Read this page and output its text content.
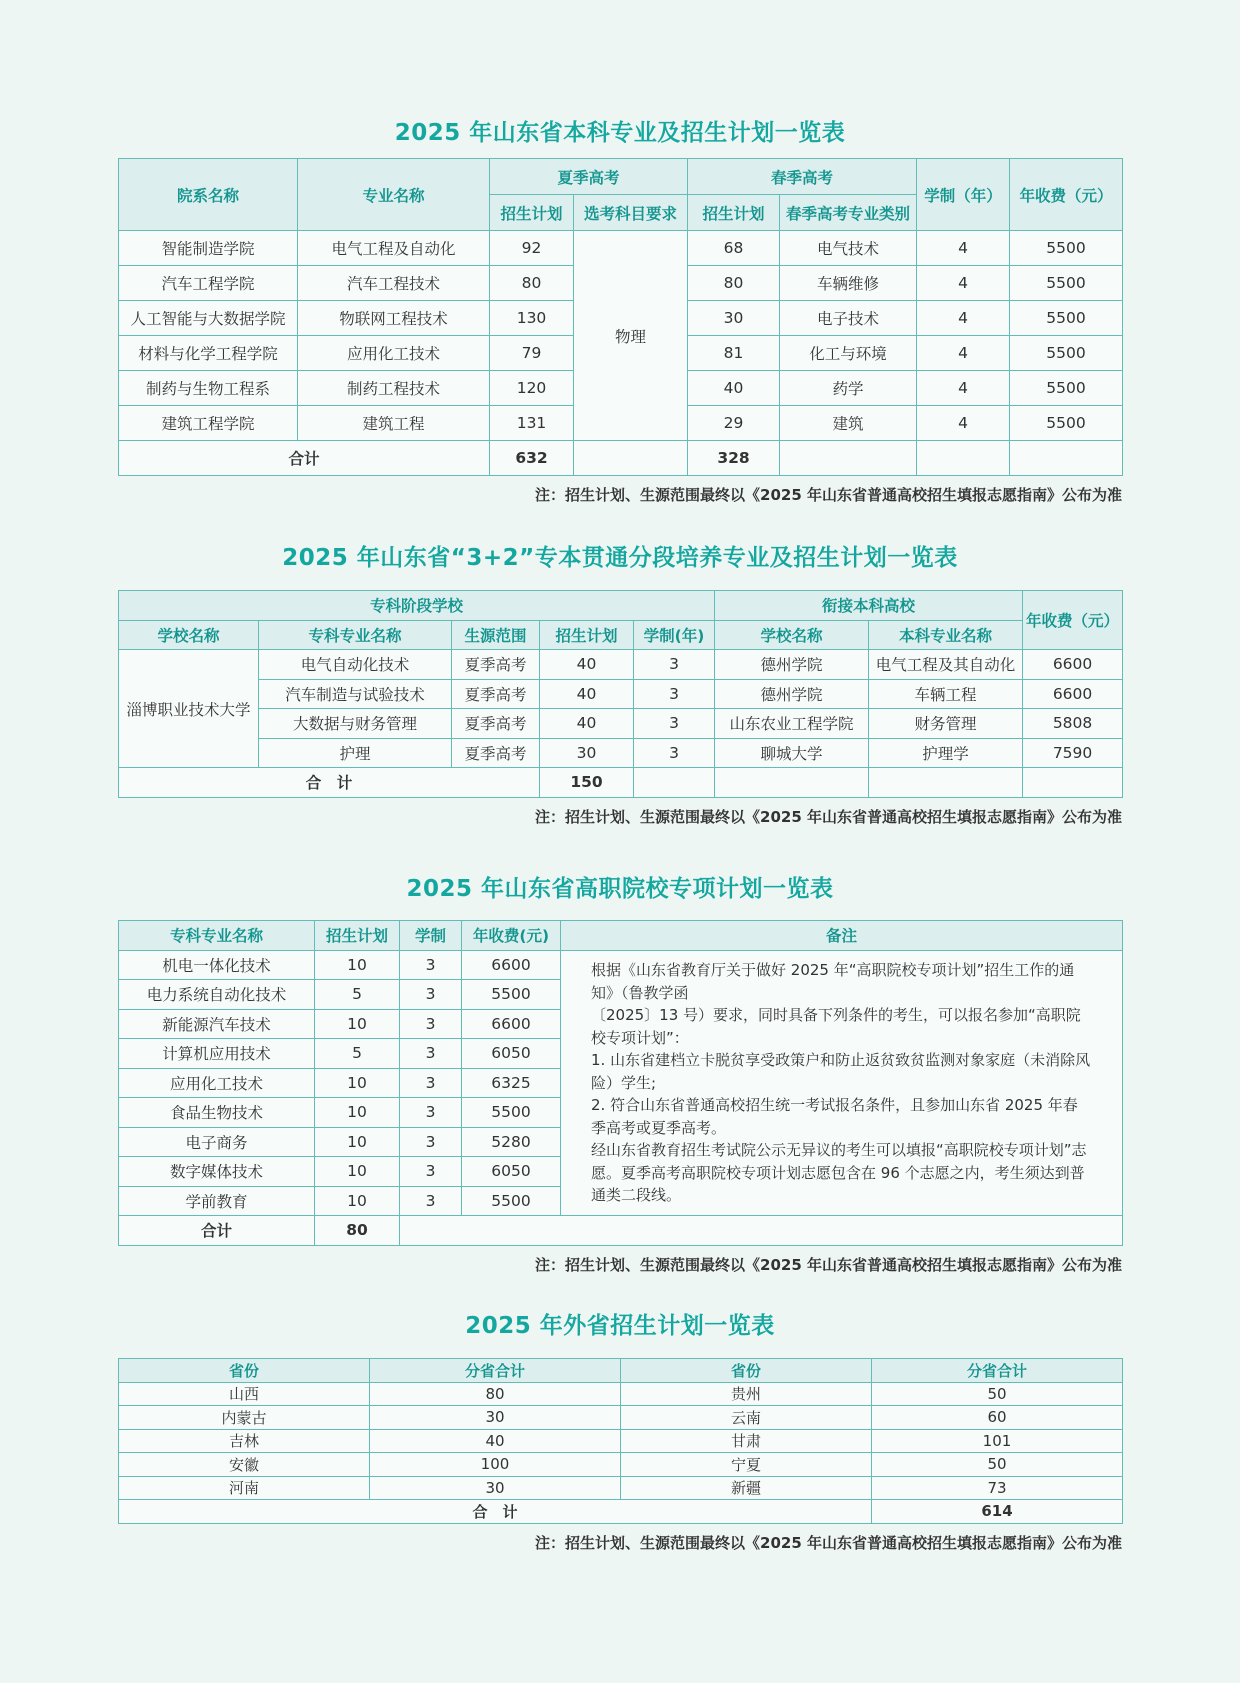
2025 年山东省本科专业及招生计划一览表
院系名称	专业名称	夏季高考		春季高考		学制（年）	年收费（元）
		招生计划	选考科目要求	招生计划	春季高考专业类别		
智能制造学院	电气工程及自动化	92	物理	68	电气技术	4	5500
汽车工程学院	汽车工程技术	80		80	车辆维修	4	5500
人工智能与大数据学院	物联网工程技术	130		30	电子技术	4	5500
材料与化学工程学院	应用化工技术	79		81	化工与环境	4	5500
制药与生物工程系	制药工程技术	120		40	药学	4	5500
建筑工程学院	建筑工程	131		29	建筑	4	5500
合计		632		328			
注：招生计划、生源范围最终以《2025 年山东省普通高校招生填报志愿指南》公布为准
2025 年山东省“3+2”专本贯通分段培养专业及招生计划一览表
专科阶段学校					衔接本科高校		年收费（元）
学校名称	专科专业名称	生源范围	招生计划	学制(年)	学校名称	本科专业名称	
淄博职业技术大学	电气自动化技术	夏季高考	40	3	德州学院	电气工程及其自动化	6600
	汽车制造与试验技术	夏季高考	40	3	德州学院	车辆工程	6600
	大数据与财务管理	夏季高考	40	3	山东农业工程学院	财务管理	5808
	护理	夏季高考	30	3	聊城大学	护理学	7590
合　计			150				
注：招生计划、生源范围最终以《2025 年山东省普通高校招生填报志愿指南》公布为准
2025 年山东省高职院校专项计划一览表
专科专业名称	招生计划	学制	年收费(元)	备注
机电一体化技术	10	3	6600	根据《山东省教育厅关于做好 2025 年“高职院校专项计划”招生工作的通知》（鲁教学函

〔2025〕13 号）要求，同时具备下列条件的考生，可以报名参加“高职院校专项计划”：

1. 山东省建档立卡脱贫享受政策户和防止返贫致贫监测对象家庭（未消除风险）学生;

2. 符合山东省普通高校招生统一考试报名条件，且参加山东省 2025 年春季高考或夏季高考。

经山东省教育招生考试院公示无异议的考生可以填报“高职院校专项计划”志愿。夏季高考高职院校专项计划志愿包含在 96 个志愿之内，考生须达到普通类二段线。

电力系统自动化技术	5	3	5500	
新能源汽车技术	10	3	6600	
计算机应用技术	5	3	6050	
应用化工技术	10	3	6325	
食品生物技术	10	3	5500	
电子商务	10	3	5280	
数字媒体技术	10	3	6050	
学前教育	10	3	5500	
合计	80			
注：招生计划、生源范围最终以《2025 年山东省普通高校招生填报志愿指南》公布为准
2025 年外省招生计划一览表
省份	分省合计	省份	分省合计
山西	80	贵州	50
内蒙古	30	云南	60
吉林	40	甘肃	101
安徽	100	宁夏	50
河南	30	新疆	73
合　计			614
注：招生计划、生源范围最终以《2025 年山东省普通高校招生填报志愿指南》公布为准
